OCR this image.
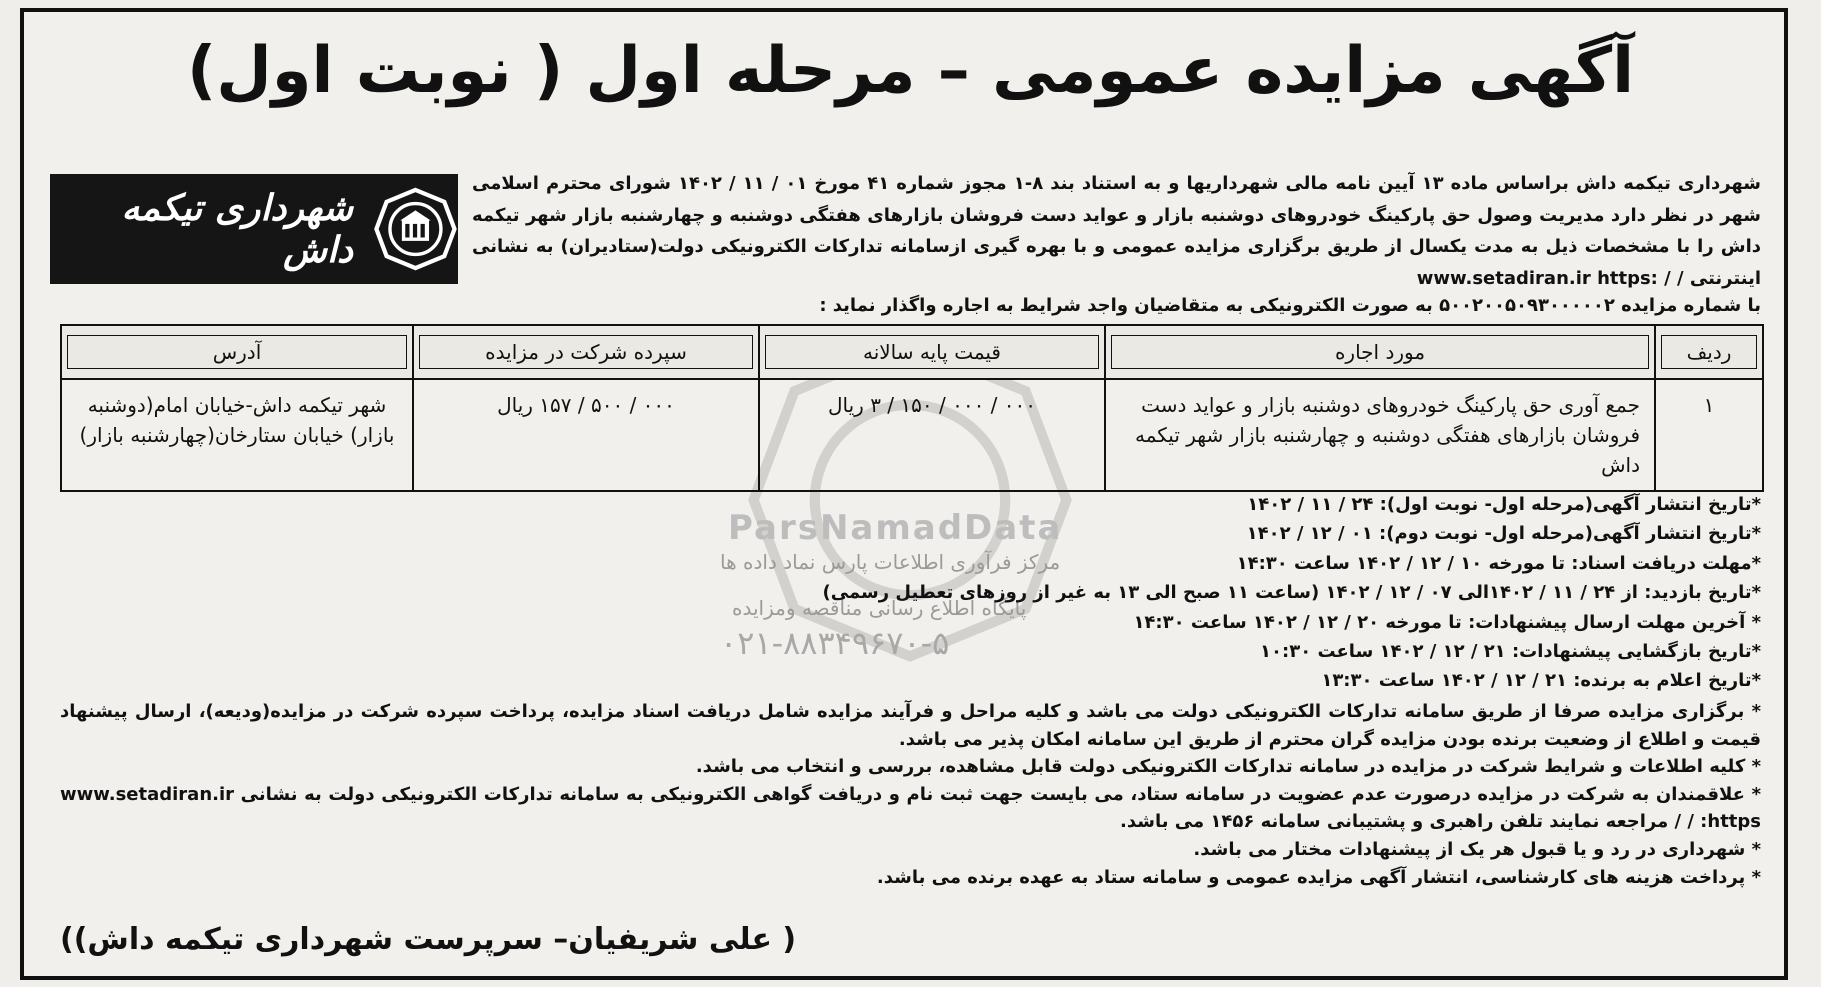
آگهی مزایده عمومی – مرحله اول ( نوبت اول)
شهرداری تیکمه داش
شهرداری تیکمه داش براساس ماده ۱۳ آیین نامه مالی شهرداریها و به استناد بند ۸-۱ مجوز شماره ۴۱ مورخ ۰۱ / ۱۱ / ۱۴۰۲ شورای محترم اسلامی شهر در نظر دارد مدیریت وصول حق پارکینگ خودروهای دوشنبه بازار و عواید دست فروشان بازارهای هفتگی دوشنبه و چهارشنبه بازار شهر تیکمه داش را با مشخصات ذیل به مدت یکسال از طریق برگزاری مزایده عمومی و با بهره گیری ازسامانه تدارکات الکترونیکی دولت(ستادیران) به نشانی اینترنتی www.setadiran.ir https: / /
با شماره مزایده ۵۰۰۲۰۰۵۰۹۳۰۰۰۰۰۲ به صورت الکترونیکی به متقاضیان واجد شرایط به اجاره واگذار نماید :
ردیف	مورد اجاره	قیمت پایه سالانه	سپرده شرکت در مزایده	آدرس

۱	جمع آوری حق پارکینگ خودروهای دوشنبه بازار و عواید دست فروشان بازارهای هفتگی دوشنبه و چهارشنبه بازار شهر تیکمه داش	۰۰۰ / ۰۰۰ / ۱۵۰ / ۳ ریال	۰۰۰ / ۵۰۰ / ۱۵۷ ریال	شهر تیکمه داش-خیابان امام(دوشنبه بازار) خیابان ستارخان(چهارشنبه بازار)
ParsNamadData
مرکز فرآوری اطلاعات پارس نماد داده ها
پایگاه اطلاع رسانی مناقصه ومزایده
۰۲۱-۸۸۳۴۹۶۷۰-۵
*تاریخ انتشار آگهی(مرحله اول- نوبت اول): ۲۴ / ۱۱ / ۱۴۰۲
*تاریخ انتشار آگهی(مرحله اول- نوبت دوم): ۰۱ / ۱۲ / ۱۴۰۲
*مهلت دریافت اسناد: تا مورخه ۱۰ / ۱۲ / ۱۴۰۲ ساعت ۱۴:۳۰
*تاریخ بازدید: از ۲۴ / ۱۱ / ۱۴۰۲الی ۰۷ / ۱۲ / ۱۴۰۲ (ساعت ۱۱ صبح الی ۱۳ به غیر از روزهای تعطیل رسمی)
* آخرین مهلت ارسال پیشنهادات: تا مورخه ۲۰ / ۱۲ / ۱۴۰۲ ساعت ۱۴:۳۰
*تاریخ بازگشایی پیشنهادات: ۲۱ / ۱۲ / ۱۴۰۲ ساعت ۱۰:۳۰
*تاریخ اعلام به برنده: ۲۱ / ۱۲ / ۱۴۰۲ ساعت ۱۳:۳۰

* برگزاری مزایده صرفا از طریق سامانه تدارکات الکترونیکی دولت می باشد و کلیه مراحل و فرآیند مزایده شامل دریافت اسناد مزایده، پرداخت سپرده شرکت در مزایده(ودیعه)، ارسال پیشنهاد قیمت و اطلاع از وضعیت برنده بودن مزایده گران محترم از طریق این سامانه امکان پذیر می باشد.

* کلیه اطلاعات و شرایط شرکت در مزایده در سامانه تدارکات الکترونیکی دولت قابل مشاهده، بررسی و انتخاب می باشد.

* علاقمندان به شرکت در مزایده درصورت عدم عضویت در سامانه ستاد، می بایست جهت ثبت نام و دریافت گواهی الکترونیکی به سامانه تدارکات الکترونیکی دولت به نشانی www.setadiran.ir https: / / مراجعه نمایند تلفن راهبری و پشتیبانی سامانه ۱۴۵۶ می باشد.

* شهرداری در رد و یا قبول هر یک از پیشنهادات مختار می باشد.

* پرداخت هزینه های کارشناسی، انتشار آگهی مزایده عمومی و سامانه ستاد به عهده برنده می باشد.

( علی شریفیان– سرپرست شهرداری تیکمه داش))
